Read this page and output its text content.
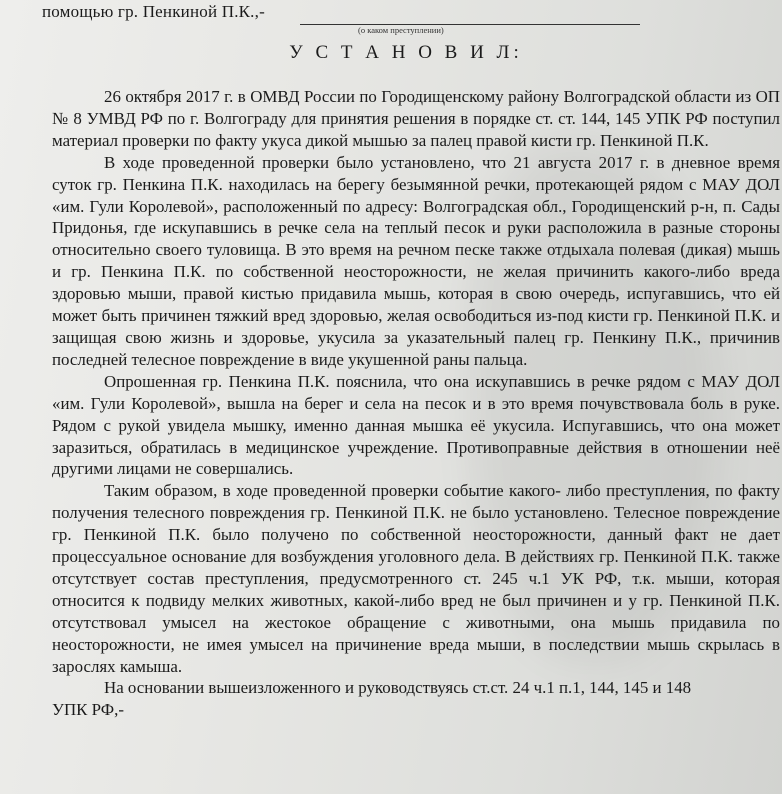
помощью гр. Пенкиной П.К.,-
(о каком преступлении)
У С Т А Н О В И Л:

26 октября 2017 г. в ОМВД России по Городищенскому району Волгоградской области из ОП № 8 УМВД РФ по г. Волгограду для принятия решения в порядке ст. ст. 144, 145 УПК РФ поступил материал проверки по факту укуса дикой мышью за палец правой кисти гр. Пенкиной П.К.

В ходе проведенной проверки было установлено, что 21 августа 2017 г. в дневное время суток гр. Пенкина П.К. находилась на берегу безымянной речки, протекающей рядом с МАУ ДОЛ «им. Гули Королевой», расположенный по адресу: Волгоградская обл., Городищенский р-н, п. Сады Придонья, где искупавшись в речке села на теплый песок и руки расположила в разные стороны относительно своего туловища. В это время на речном песке также отдыхала полевая (дикая) мышь и гр. Пенкина П.К. по собственной неосторожности, не желая причинить какого-либо вреда здоровью мыши, правой кистью придавила мышь, которая в свою очередь, испугавшись, что ей может быть причинен тяжкий вред здоровью, желая освободиться из-под кисти гр. Пенкиной П.К. и защищая свою жизнь и здоровье, укусила за указательный палец гр. Пенкину П.К., причинив последней телесное повреждение в виде укушенной раны пальца.

Опрошенная гр. Пенкина П.К. пояснила, что она искупавшись в речке рядом с МАУ ДОЛ «им. Гули Королевой», вышла на берег и села на песок и в это время почувствовала боль в руке. Рядом с рукой увидела мышку, именно данная мышка её укусила. Испугавшись, что она может заразиться, обратилась в медицинское учреждение. Противоправные действия в отношении неё другими лицами не совершались.

Таким образом, в ходе проведенной проверки событие какого- либо преступления, по факту получения телесного повреждения гр. Пенкиной П.К. не было установлено. Телесное повреждение гр. Пенкиной П.К. было получено по собственной неосторожности, данный факт не дает процессуальное основание для возбуждения уголовного дела. В действиях гр. Пенкиной П.К. также отсутствует состав преступления, предусмотренного ст. 245 ч.1 УК РФ, т.к. мыши, которая относится к подвиду мелких животных, какой-либо вред не был причинен и у гр. Пенкиной П.К. отсутствовал умысел на жестокое обращение с животными, она мышь придавила по неосторожности, не имея умысел на причинение вреда мыши, в последствии мышь скрылась в зарослях камыша.

На основании вышеизложенного и руководствуясь ст.ст. 24 ч.1 п.1, 144, 145 и 148

УПК РФ,-
